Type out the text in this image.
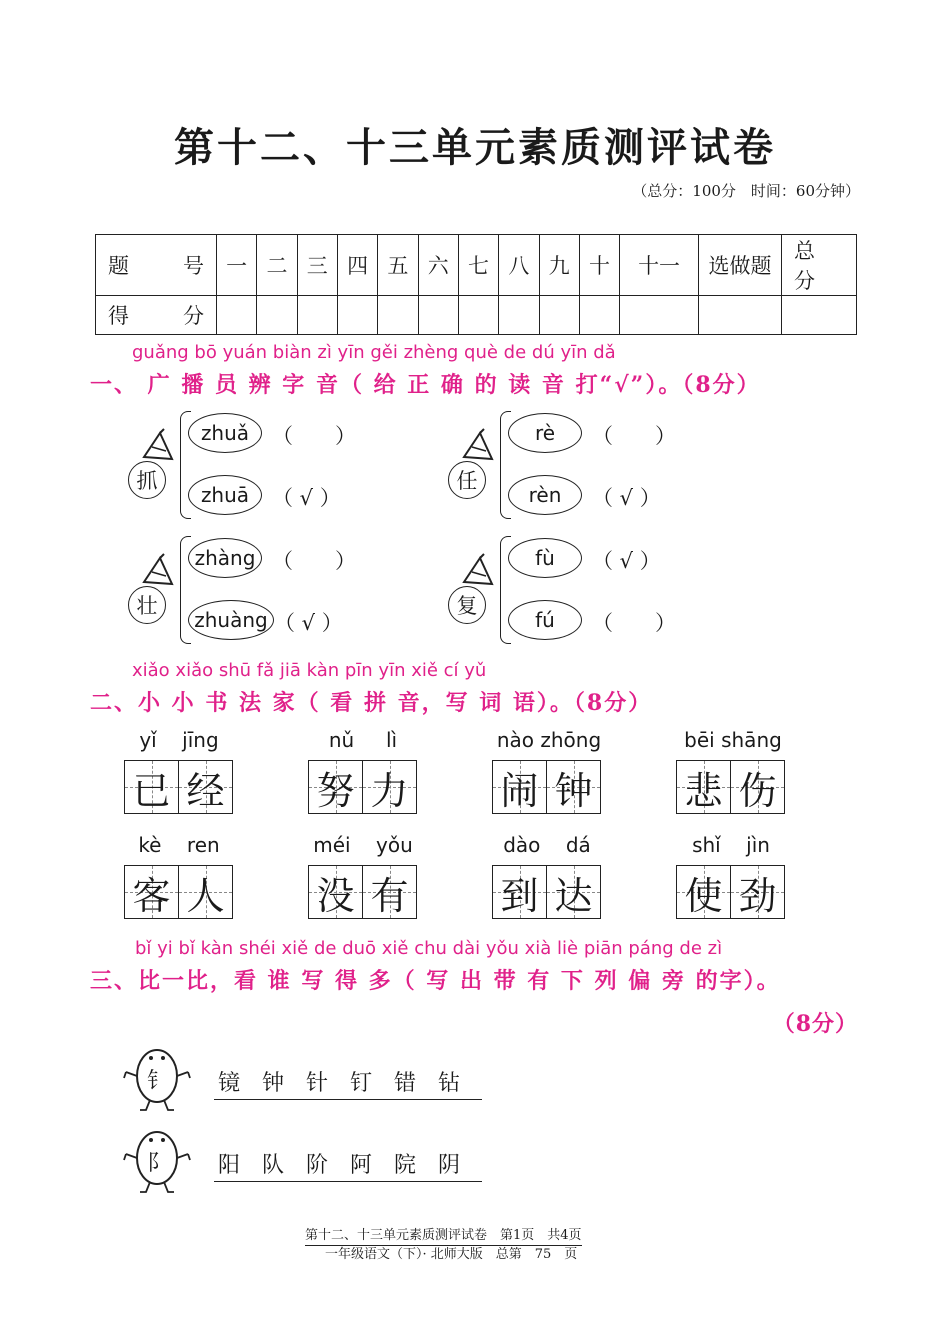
第十二、十三单元素质测评试卷
（总分：100分　时间：60分钟）
题　号	一	二	三	四	五	六	七	八	九	十	十一	选做题	总　分
得　分													
guǎng bō yuán biàn zì yīn gěi zhèng què de dú yīn dǎ
一、 广 播 员 辨 字 音（ 给 正 确 的 读 音 打“√”）。（8分）
抓
zhuǎ	（　　）
zhuā	（ √ ）
任
rè	（　　）
rèn	（ √ ）
壮
zhàng （　　）
zhuàng （ √ ）
复
fù	（ √ ）
fú	（　　）
xiǎo xiǎo shū fǎ jiā kàn pīn yīn xiě cí yǔ
二、小 小 书 法 家（ 看 拼 音，写 词 语）。（8分）
yǐ    jīng
已 经
nǔ     lì
努 力
nào zhōng
闹 钟
bēi shāng
悲 伤
kè    ren
客 人
méi    yǒu
没 有
dào    dá
到 达
shǐ    jìn
使 劲
bǐ yi bǐ kàn shéi xiě de duō xiě chu dài yǒu xià liè piān páng de zì
三、比一比，看 谁 写 得 多（ 写 出 带 有 下 列 偏 旁 的字）。
（8分）
钅 镜钟针钉错钻
阝 阳队阶阿院阴
第十二、十三单元素质测评试卷　第1页　共4页
一年级语文（下）· 北师大版　总第　75　页
